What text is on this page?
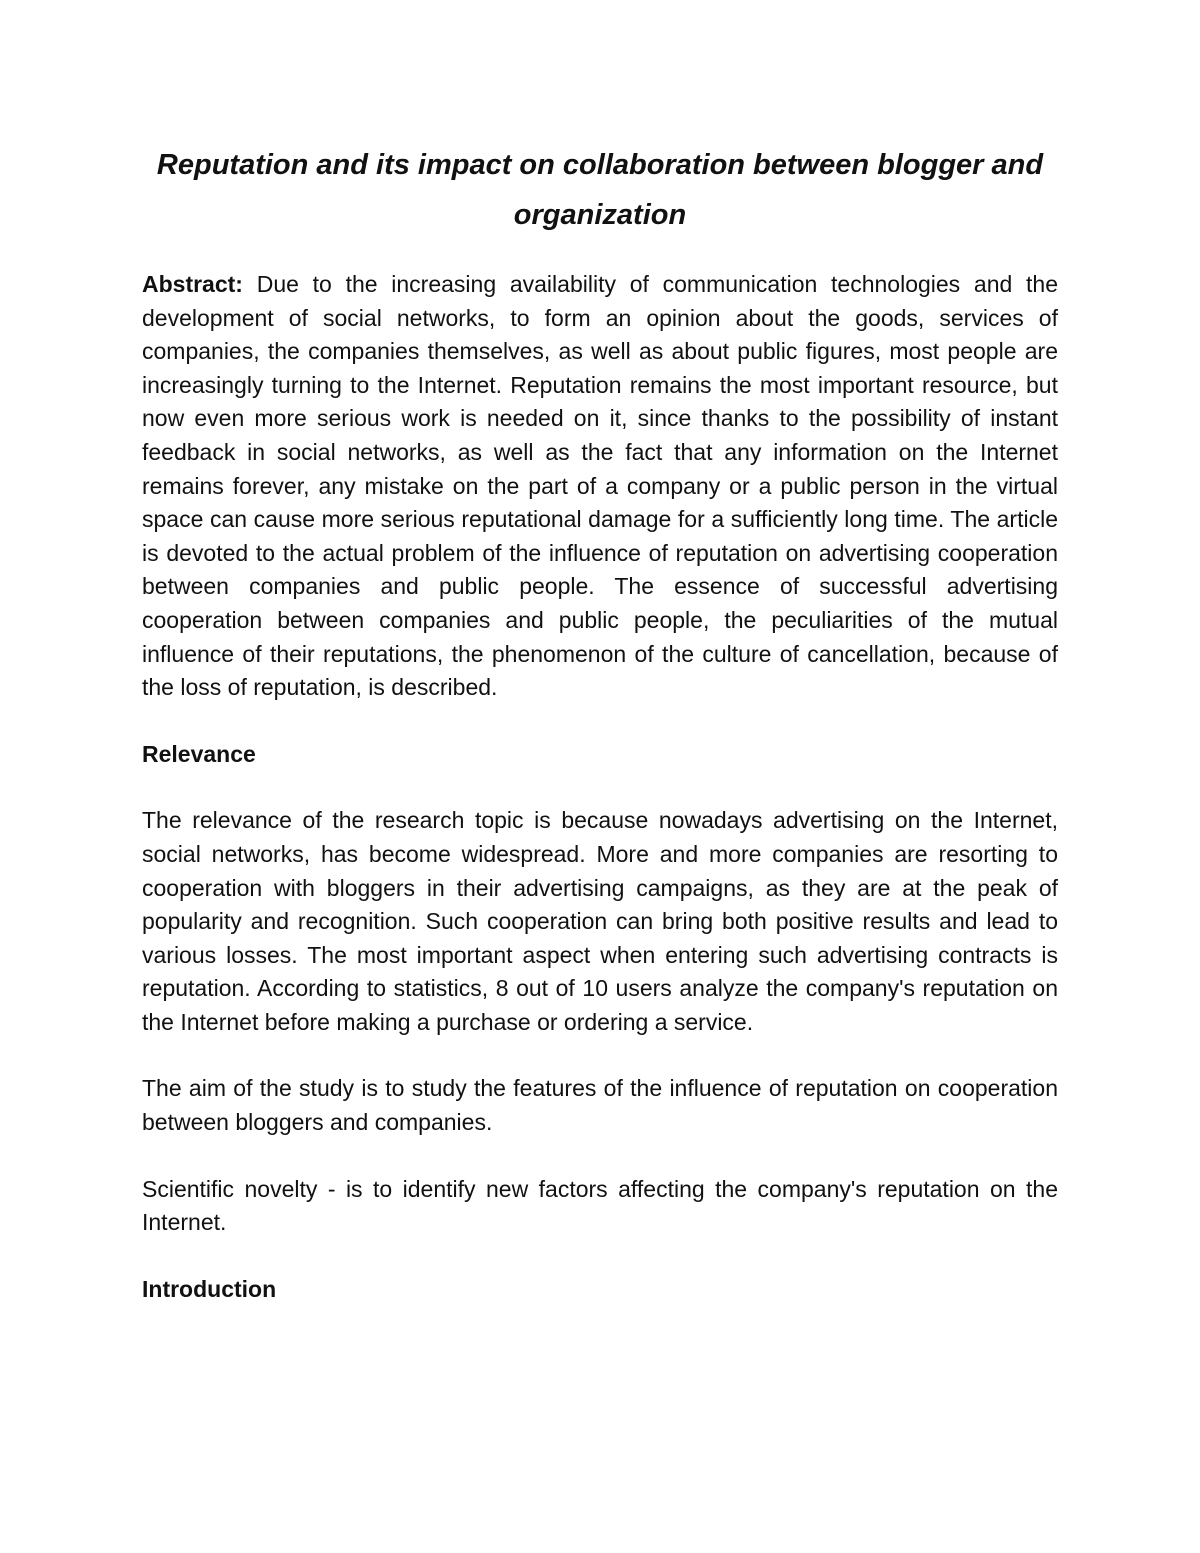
Reputation and its impact on collaboration between blogger and organization

Abstract: Due to the increasing availability of communication technologies and the development of social networks, to form an opinion about the goods, services of companies, the companies themselves, as well as about public figures, most people are increasingly turning to the Internet. Reputation remains the most important resource, but now even more serious work is needed on it, since thanks to the possibility of instant feedback in social networks, as well as the fact that any information on the Internet remains forever, any mistake on the part of a company or a public person in the virtual space can cause more serious reputational damage for a sufficiently long time. The article is devoted to the actual problem of the influence of reputation on advertising cooperation between companies and public people. The essence of successful advertising cooperation between companies and public people, the peculiarities of the mutual influence of their reputations, the phenomenon of the culture of cancellation, because of the loss of reputation, is described.

Relevance

The relevance of the research topic is because nowadays advertising on the Internet, social networks, has become widespread. More and more companies are resorting to cooperation with bloggers in their advertising campaigns, as they are at the peak of popularity and recognition. Such cooperation can bring both positive results and lead to various losses. The most important aspect when entering such advertising contracts is reputation. According to statistics, 8 out of 10 users analyze the company's reputation on the Internet before making a purchase or ordering a service.

The aim of the study is to study the features of the influence of reputation on cooperation between bloggers and companies.

Scientific novelty - is to identify new factors affecting the company's reputation on the Internet.

Introduction
